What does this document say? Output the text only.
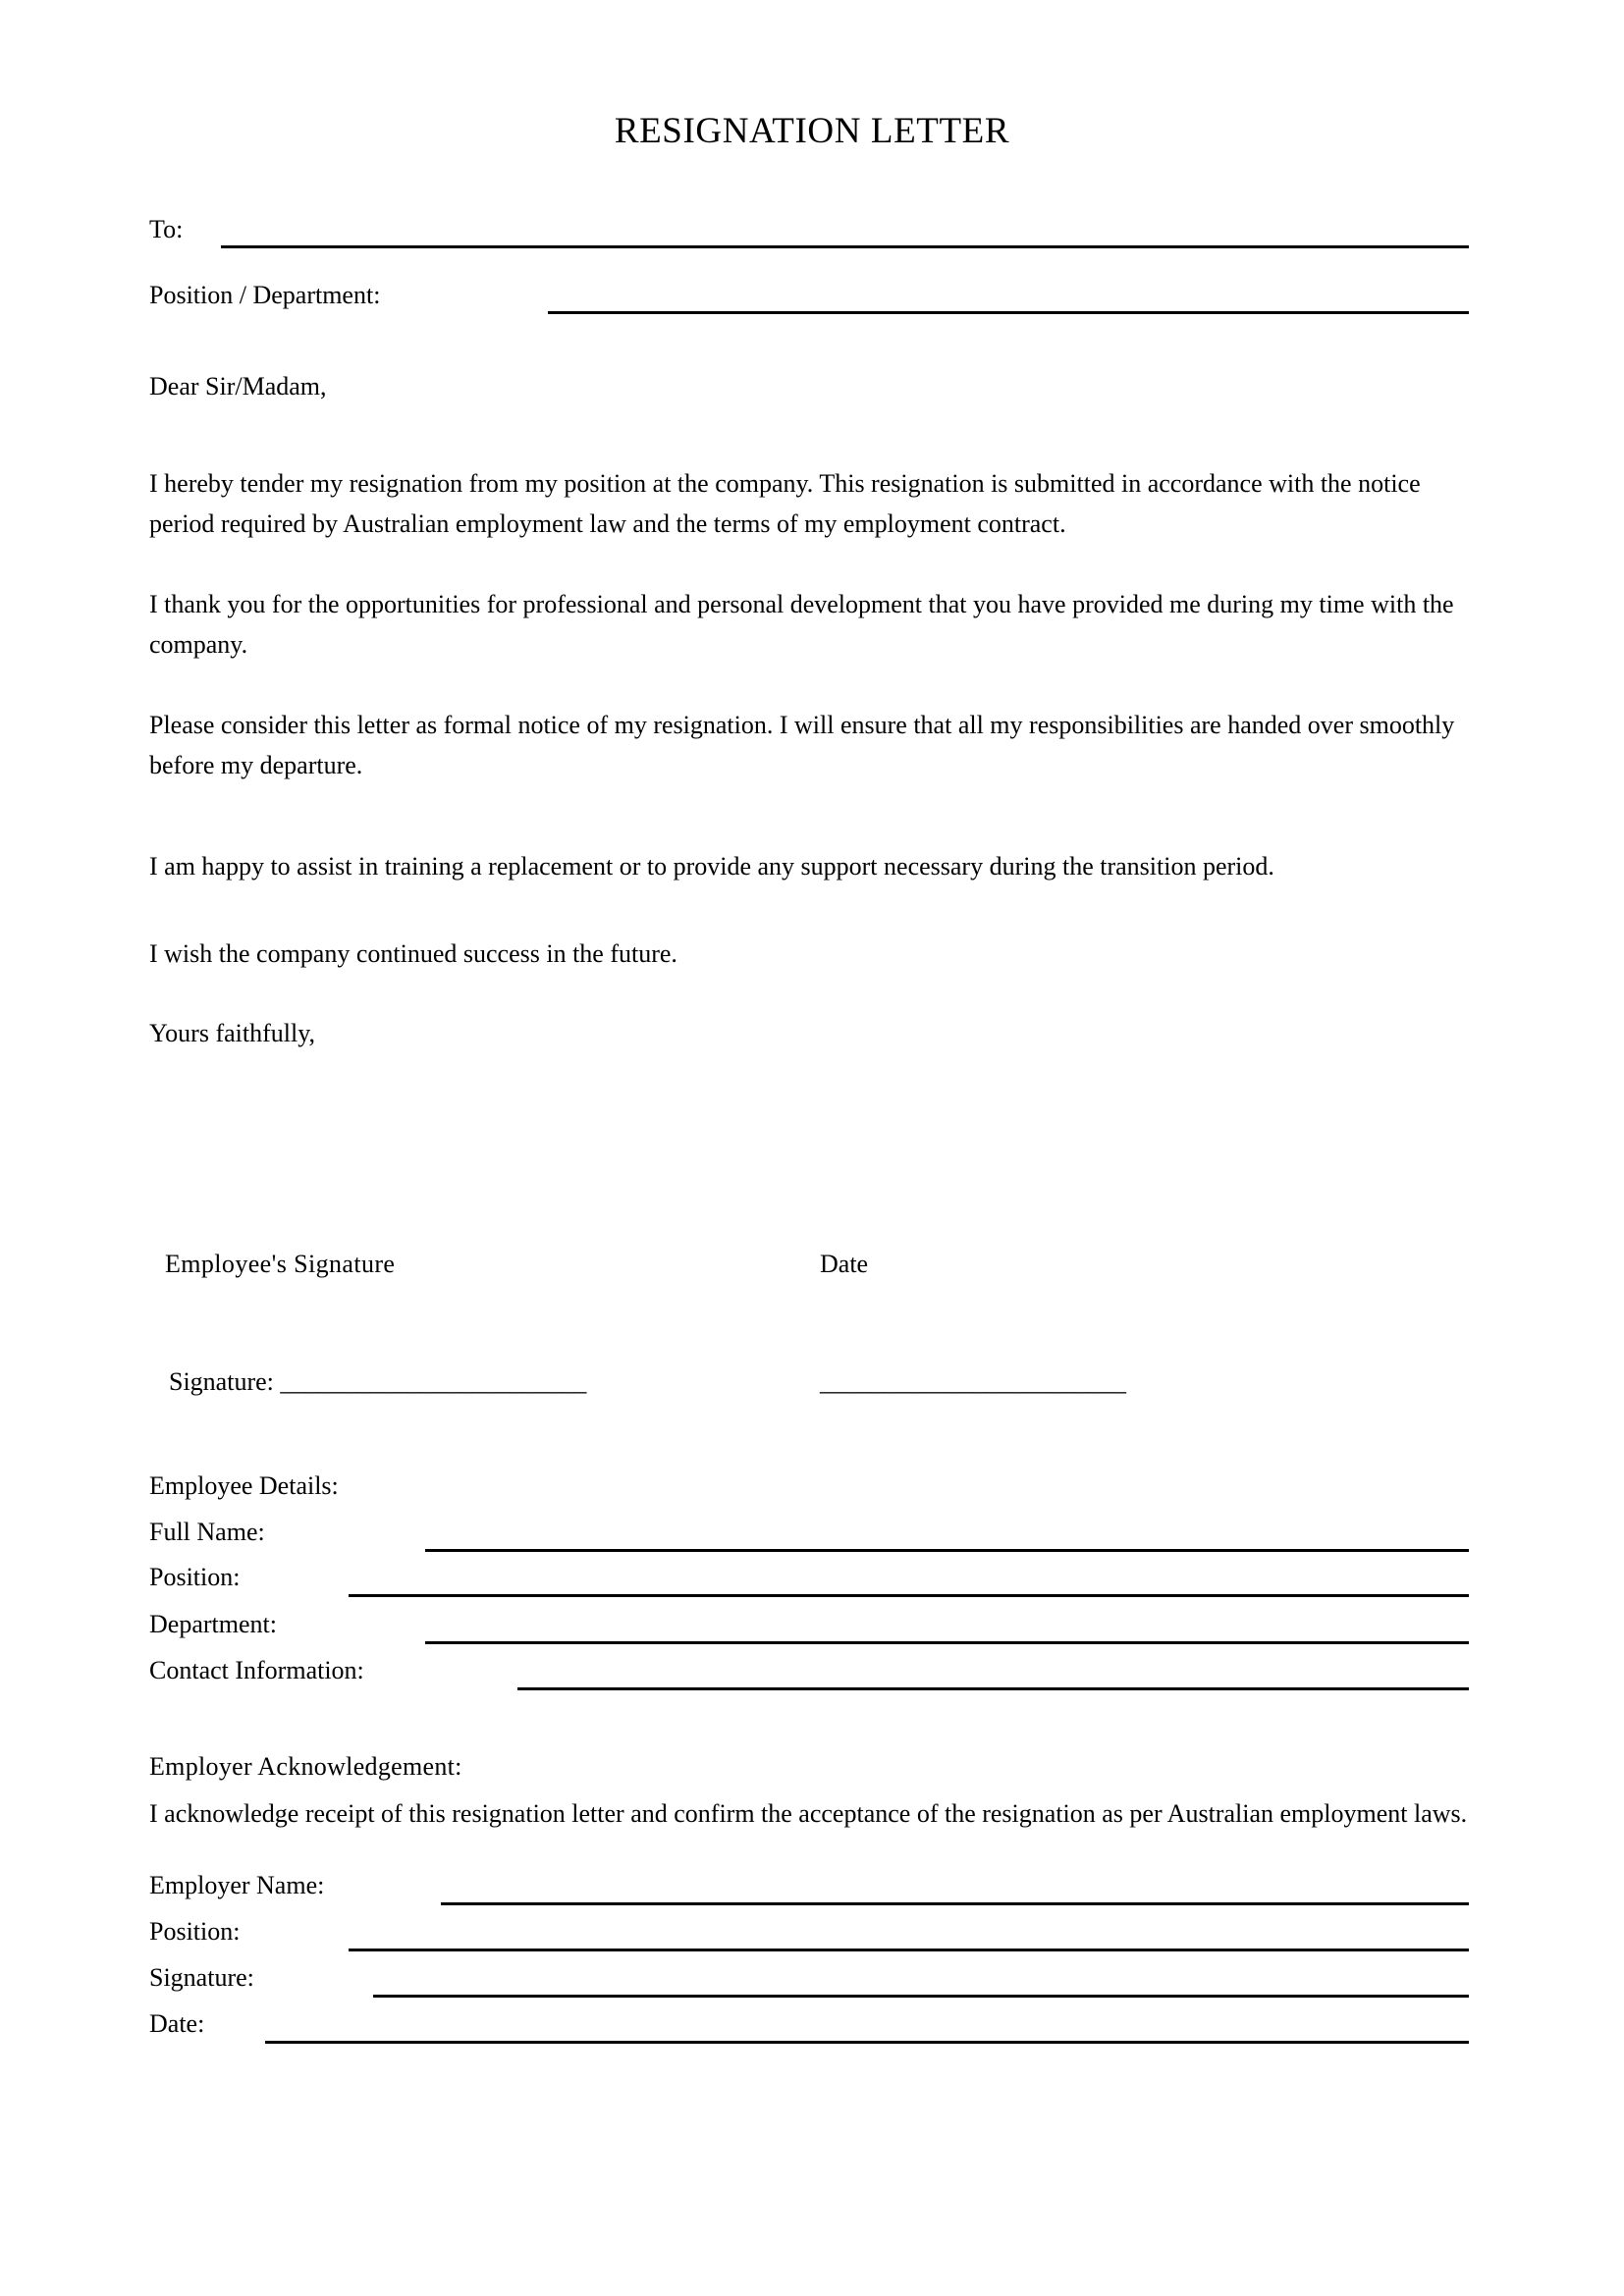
RESIGNATION LETTER
To:
Position / Department:

Dear Sir/Madam,

I hereby tender my resignation from my position at the company. This resignation is submitted in accordance with the notice period required by Australian employment law and the terms of my employment contract.

I thank you for the opportunities for professional and personal development that you have provided me during my time with the company.

Please consider this letter as formal notice of my resignation. I will ensure that all my responsibilities are handed over smoothly before my departure.

I am happy to assist in training a replacement or to provide any support necessary during the transition period.

I wish the company continued success in the future.

Yours faithfully,

Employee's Signature	Date

Signature: ________________________	________________________

Employee Details:

Full Name:
Position:
Department:
Contact Information:

Employer Acknowledgement:

I acknowledge receipt of this resignation letter and confirm the acceptance of the resignation as per Australian employment laws.

Employer Name:
Position:
Signature:
Date:
